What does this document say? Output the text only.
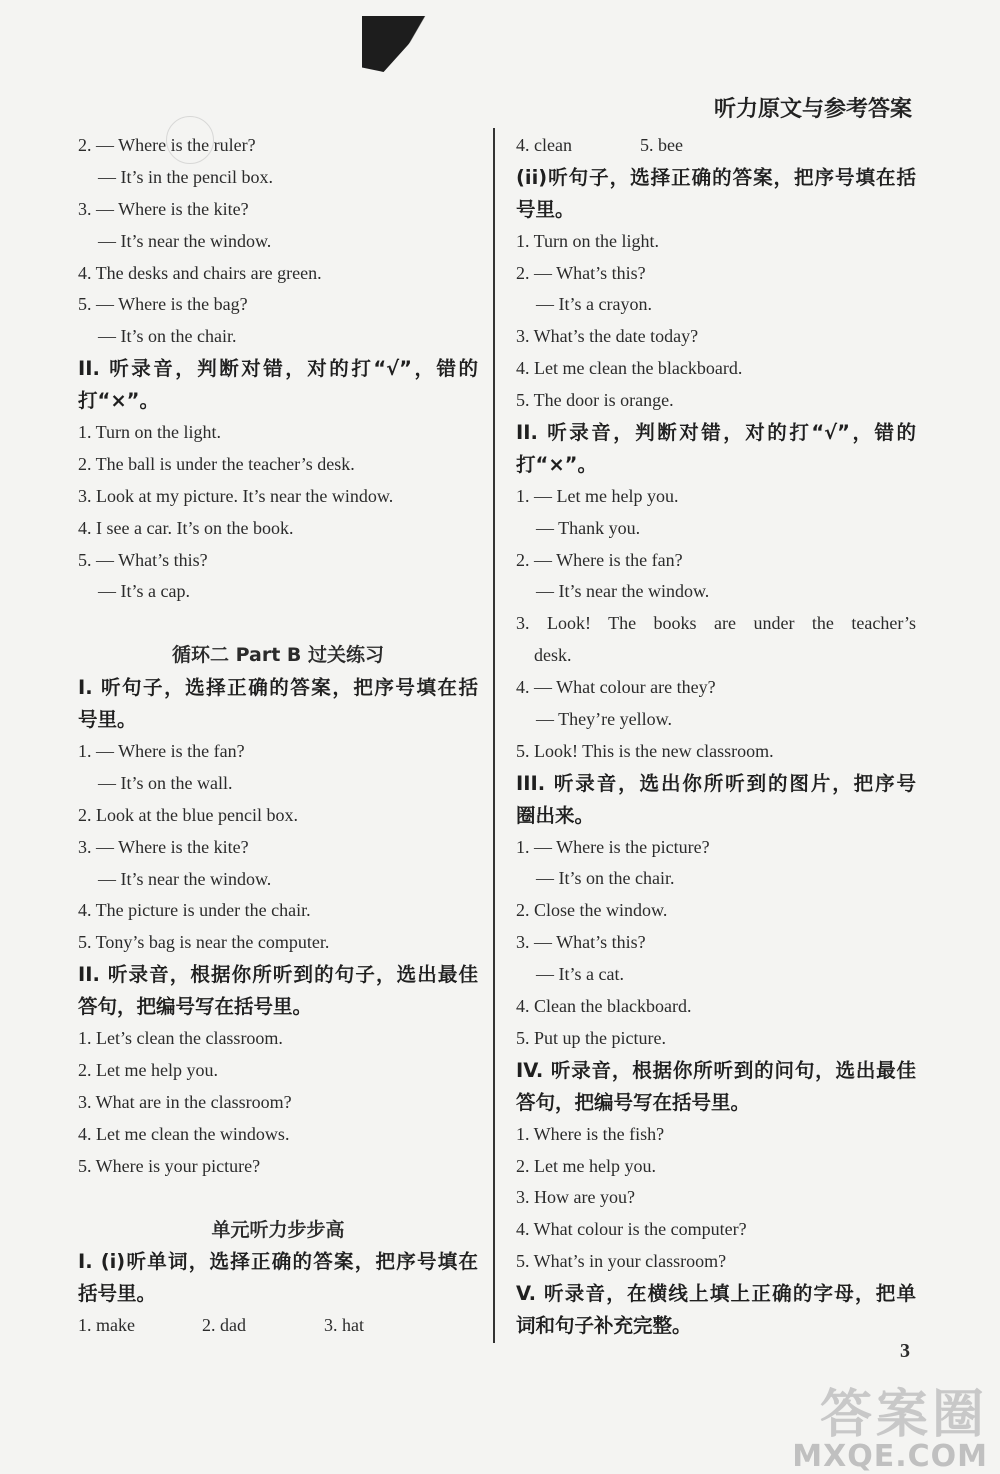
听力原文与参考答案
2. — Where is the ruler?
— It’s in the pencil box.
3. — Where is the kite?
— It’s near the window.
4. The desks and chairs are green.
5. — Where is the bag?
— It’s on the chair.
II. 听录音，判断对错，对的打“√”，错的
打“×”。
1. Turn on the light.
2. The ball is under the teacher’s desk.
3. Look at my picture. It’s near the window.
4. I see a car. It’s on the book.
5. — What’s this?
— It’s a cap.
循环二 Part B 过关练习
I. 听句子，选择正确的答案，把序号填在括
号里。
1. — Where is the fan?
— It’s on the wall.
2. Look at the blue pencil box.
3. — Where is the kite?
— It’s near the window.
4. The picture is under the chair.
5. Tony’s bag is near the computer.
II. 听录音，根据你所听到的句子，选出最佳
答句，把编号写在括号里。
1. Let’s clean the classroom.
2. Let me help you.
3. What are in the classroom?
4. Let me clean the windows.
5. Where is your picture?
单元听力步步高
I. (i)听单词，选择正确的答案，把序号填在
括号里。
1. make	2. dad	3. hat
4. clean	5. bee
(ii)听句子，选择正确的答案，把序号填在括
号里。
1. Turn on the light.
2. — What’s this?
— It’s a crayon.
3. What’s the date today?
4. Let me clean the blackboard.
5. The door is orange.
II. 听录音，判断对错，对的打“√”，错的
打“×”。
1. — Let me help you.
— Thank you.
2. — Where is the fan?
— It’s near the window.
3. Look! The books are under the teacher’s
desk.
4. — What colour are they?
— They’re yellow.
5. Look! This is the new classroom.
III. 听录音，选出你所听到的图片，把序号
圈出来。
1. — Where is the picture?
— It’s on the chair.
2. Close the window.
3. — What’s this?
— It’s a cat.
4. Clean the blackboard.
5. Put up the picture.
IV. 听录音，根据你所听到的问句，选出最佳
答句，把编号写在括号里。
1. Where is the fish?
2. Let me help you.
3. How are you?
4. What colour is the computer?
5. What’s in your classroom?
V. 听录音，在横线上填上正确的字母，把单
词和句子补充完整。
3
答案圈
MXQE.COM
